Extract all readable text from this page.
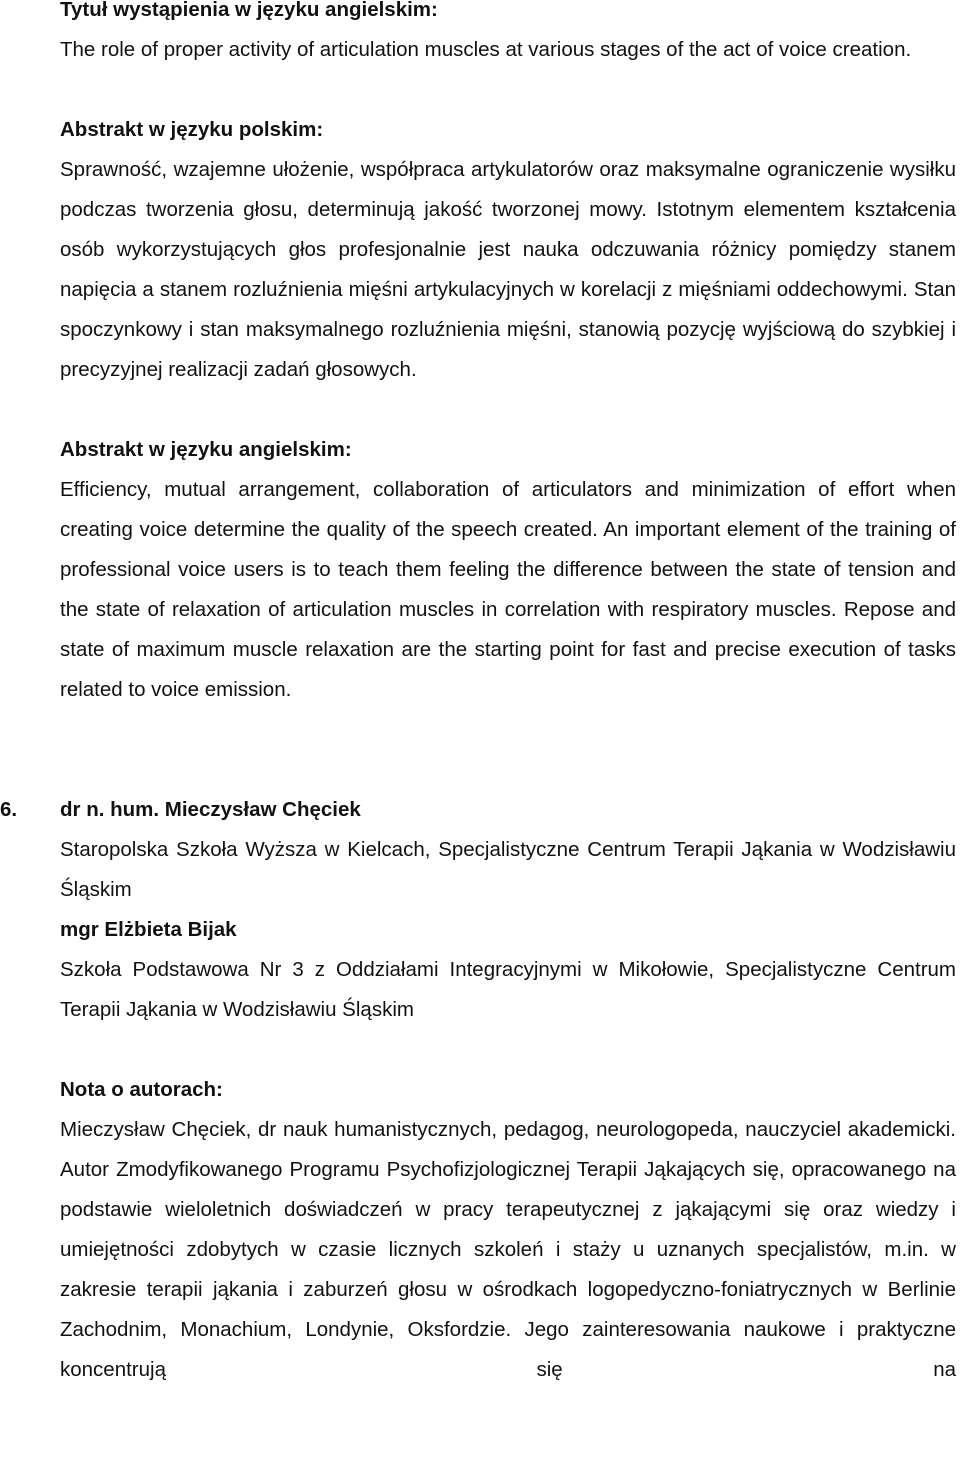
Tytuł wystąpienia w języku angielskim:

The role of proper activity of articulation muscles at various stages of the act of voice creation.

Abstrakt w języku polskim:

Sprawność, wzajemne ułożenie, współpraca artykulatorów oraz maksymalne ograniczenie wysiłku podczas tworzenia głosu, determinują jakość tworzonej mowy. Istotnym elementem kształcenia osób wykorzystujących głos profesjonalnie jest nauka odczuwania różnicy pomiędzy stanem napięcia a stanem rozluźnienia mięśni artykulacyjnych w korelacji z mięśniami oddechowymi. Stan spoczynkowy i stan maksymalnego rozluźnienia mięśni, stanowią pozycję wyjściową do szybkiej i precyzyjnej realizacji zadań głosowych.

Abstrakt w języku angielskim:

Efficiency, mutual arrangement, collaboration of articulators and minimization of effort when creating voice determine the quality of the speech created. An important element of the training of professional voice users is to teach them feeling the difference between the state of tension and the state of relaxation of articulation muscles in correlation with respiratory muscles. Repose and state of maximum muscle relaxation are the starting point for fast and precise execution of tasks related to voice emission.

6. dr n. hum. Mieczysław Chęciek

Staropolska Szkoła Wyższa w Kielcach, Specjalistyczne Centrum Terapii Jąkania w Wodzisławiu Śląskim

mgr Elżbieta Bijak

Szkoła Podstawowa Nr 3 z Oddziałami Integracyjnymi w Mikołowie, Specjalistyczne Centrum Terapii Jąkania w Wodzisławiu Śląskim

Nota o autorach:

Mieczysław Chęciek, dr nauk humanistycznych, pedagog, neurologopeda, nauczyciel akademicki. Autor Zmodyfikowanego Programu Psychofizjologicznej Terapii Jąkających się, opracowanego na podstawie wieloletnich doświadczeń w pracy terapeutycznej z jąkającymi się oraz wiedzy i umiejętności zdobytych w czasie licznych szkoleń i staży u uznanych specjalistów, m.in. w zakresie terapii jąkania i zaburzeń głosu w ośrodkach logopedyczno-foniatrycznych w Berlinie Zachodnim, Monachium, Londynie, Oksfordzie. Jego zainteresowania naukowe i praktyczne koncentrują się na
